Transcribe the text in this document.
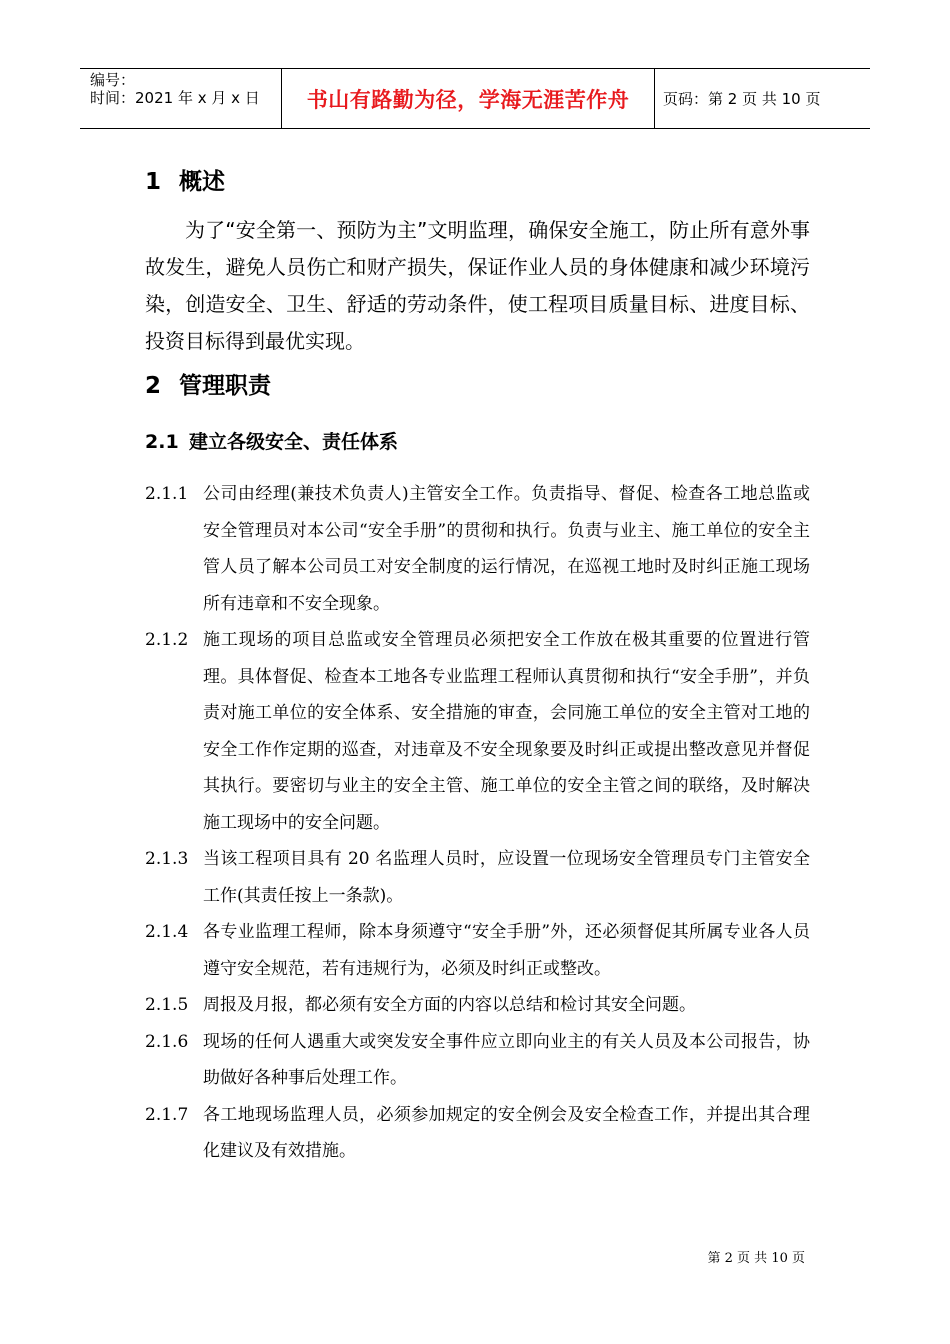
编号：
时间：2021 年 x 月 x 日	书山有路勤为径，学海无涯苦作舟	页码：第 2 页 共 10 页
1 概述

为了“安全第一、预防为主”文明监理，确保安全施工，防止所有意外事故发生，避免人员伤亡和财产损失，保证作业人员的身体健康和减少环境污染，创造安全、卫生、舒适的劳动条件，使工程项目质量目标、进度目标、投资目标得到最优实现。

2 管理职责
2.1 建立各级安全、责任体系
2.1.1 公司由经理(兼技术负责人)主管安全工作。负责指导、督促、检查各工地总监或安全管理员对本公司“安全手册”的贯彻和执行。负责与业主、施工单位的安全主管人员了解本公司员工对安全制度的运行情况，在巡视工地时及时纠正施工现场所有违章和不安全现象。
2.1.2 施工现场的项目总监或安全管理员必须把安全工作放在极其重要的位置进行管理。具体督促、检查本工地各专业监理工程师认真贯彻和执行“安全手册”，并负责对施工单位的安全体系、安全措施的审查，会同施工单位的安全主管对工地的安全工作作定期的巡查，对违章及不安全现象要及时纠正或提出整改意见并督促其执行。要密切与业主的安全主管、施工单位的安全主管之间的联络，及时解决施工现场中的安全问题。
2.1.3 当该工程项目具有 20 名监理人员时，应设置一位现场安全管理员专门主管安全工作(其责任按上一条款)。
2.1.4 各专业监理工程师，除本身须遵守“安全手册”外，还必须督促其所属专业各人员遵守安全规范，若有违规行为，必须及时纠正或整改。
2.1.5 周报及月报，都必须有安全方面的内容以总结和检讨其安全问题。
2.1.6 现场的任何人遇重大或突发安全事件应立即向业主的有关人员及本公司报告，协助做好各种事后处理工作。
2.1.7 各工地现场监理人员，必须参加规定的安全例会及安全检查工作，并提出其合理化建议及有效措施。
第 2 页 共 10 页
